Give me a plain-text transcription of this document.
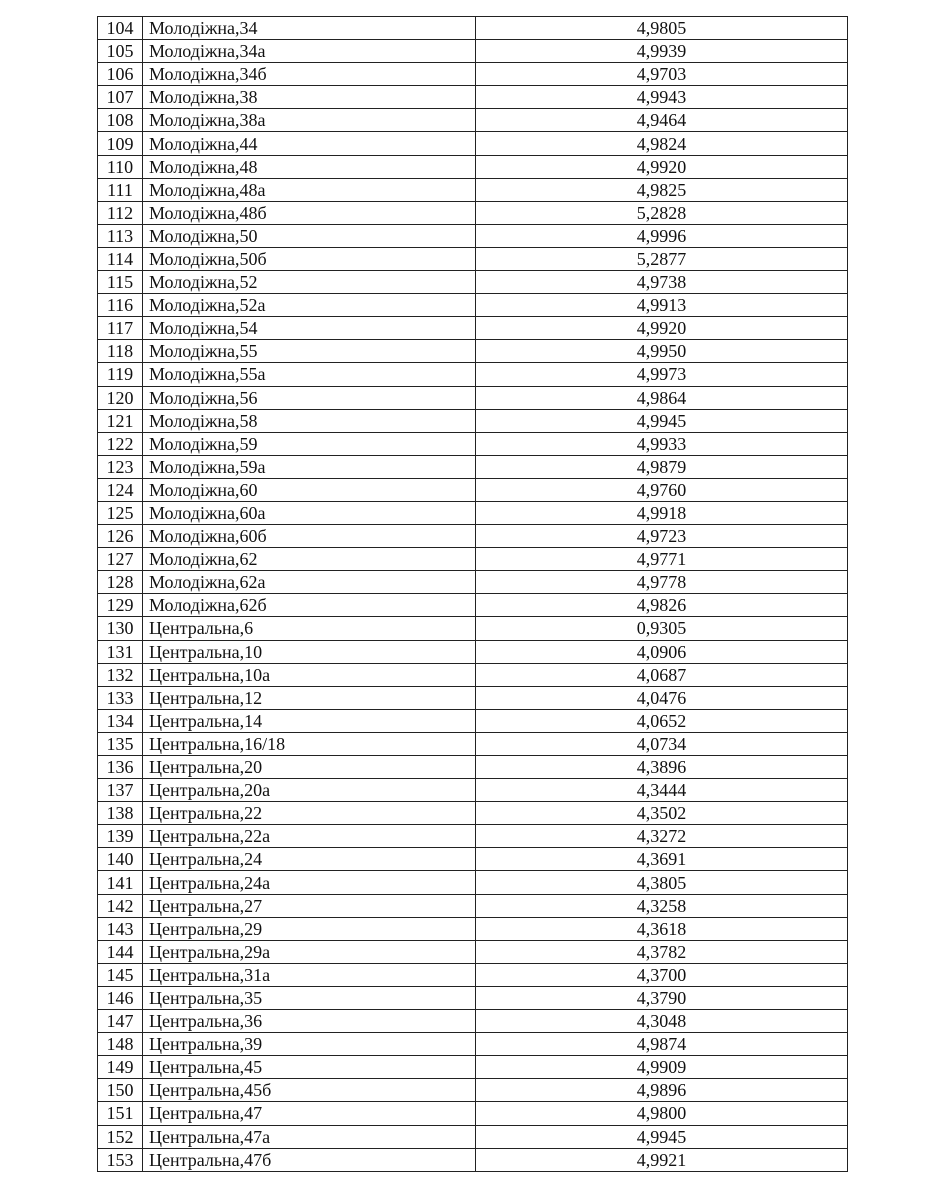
104	Молодіжна,34	4,9805
105	Молодіжна,34а	4,9939
106	Молодіжна,34б	4,9703
107	Молодіжна,38	4,9943
108	Молодіжна,38а	4,9464
109	Молодіжна,44	4,9824
110	Молодіжна,48	4,9920
111	Молодіжна,48а	4,9825
112	Молодіжна,48б	5,2828
113	Молодіжна,50	4,9996
114	Молодіжна,50б	5,2877
115	Молодіжна,52	4,9738
116	Молодіжна,52а	4,9913
117	Молодіжна,54	4,9920
118	Молодіжна,55	4,9950
119	Молодіжна,55а	4,9973
120	Молодіжна,56	4,9864
121	Молодіжна,58	4,9945
122	Молодіжна,59	4,9933
123	Молодіжна,59а	4,9879
124	Молодіжна,60	4,9760
125	Молодіжна,60а	4,9918
126	Молодіжна,60б	4,9723
127	Молодіжна,62	4,9771
128	Молодіжна,62а	4,9778
129	Молодіжна,62б	4,9826
130	Центральна,6	0,9305
131	Центральна,10	4,0906
132	Центральна,10а	4,0687
133	Центральна,12	4,0476
134	Центральна,14	4,0652
135	Центральна,16/18	4,0734
136	Центральна,20	4,3896
137	Центральна,20а	4,3444
138	Центральна,22	4,3502
139	Центральна,22а	4,3272
140	Центральна,24	4,3691
141	Центральна,24а	4,3805
142	Центральна,27	4,3258
143	Центральна,29	4,3618
144	Центральна,29а	4,3782
145	Центральна,31а	4,3700
146	Центральна,35	4,3790
147	Центральна,36	4,3048
148	Центральна,39	4,9874
149	Центральна,45	4,9909
150	Центральна,45б	4,9896
151	Центральна,47	4,9800
152	Центральна,47а	4,9945
153	Центральна,47б	4,9921
